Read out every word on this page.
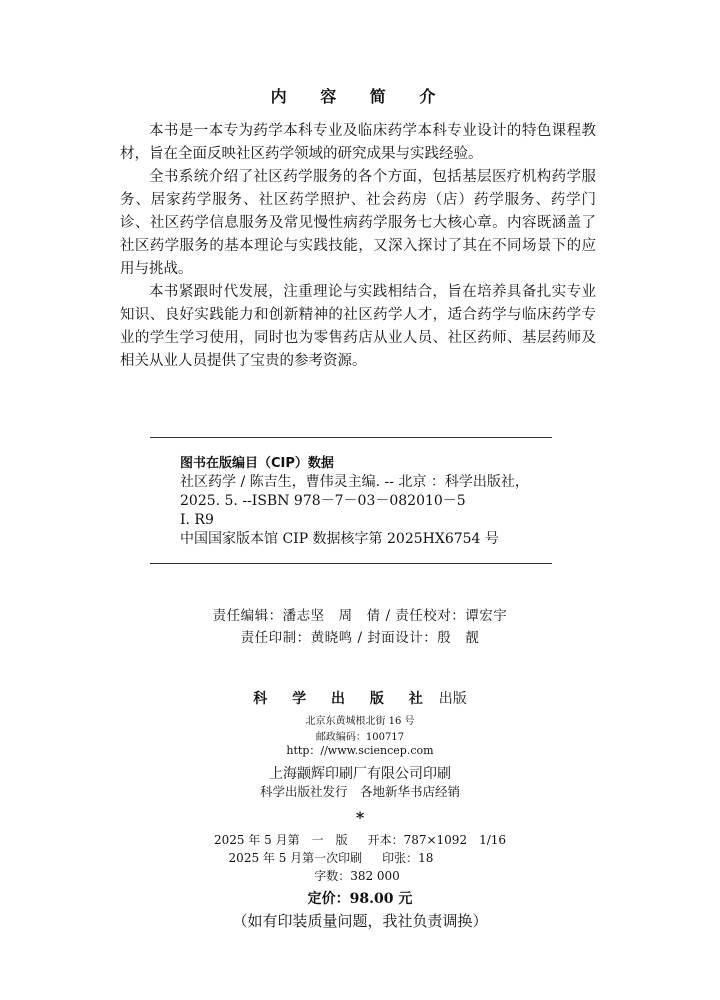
内 容 简 介

本书是一本专为药学本科专业及临床药学本科专业设计的特色课程教材，旨在全面反映社区药学领域的研究成果与实践经验。

全书系统介绍了社区药学服务的各个方面，包括基层医疗机构药学服务、居家药学服务、社区药学照护、社会药房（店）药学服务、药学门诊、社区药学信息服务及常见慢性病药学服务七大核心章。内容既涵盖了社区药学服务的基本理论与实践技能，又深入探讨了其在不同场景下的应用与挑战。

本书紧跟时代发展，注重理论与实践相结合，旨在培养具备扎实专业知识、良好实践能力和创新精神的社区药学人才，适合药学与临床药学专业的学生学习使用，同时也为零售药店从业人员、社区药师、基层药师及相关从业人员提供了宝贵的参考资源。

图书在版编目（CIP）数据
社区药学 / 陈吉生，曹伟灵主编. -- 北京 ：科学出版社，2025. 5. --ISBN 978－7－03－082010－5
Ⅰ. R9
中国国家版本馆 CIP 数据核字第 2025HX6754 号
责任编辑：潘志坚　周　倩 / 责任校对：谭宏宇
责任印制：黄晓鸣 / 封面设计：殷　靓
科 学 出 版 社 出版
北京东黄城根北街 16 号
邮政编码：100717
http：//www.sciencep.com
上海颛辉印刷厂有限公司印刷
科学出版社发行　各地新华书店经销
*
2025 年 5 月第　一　版 开本：787×1092　1/16
2025 年 5 月第一次印刷 印张：18
字数：382 000
定价：98.00 元
（如有印装质量问题，我社负责调换）
